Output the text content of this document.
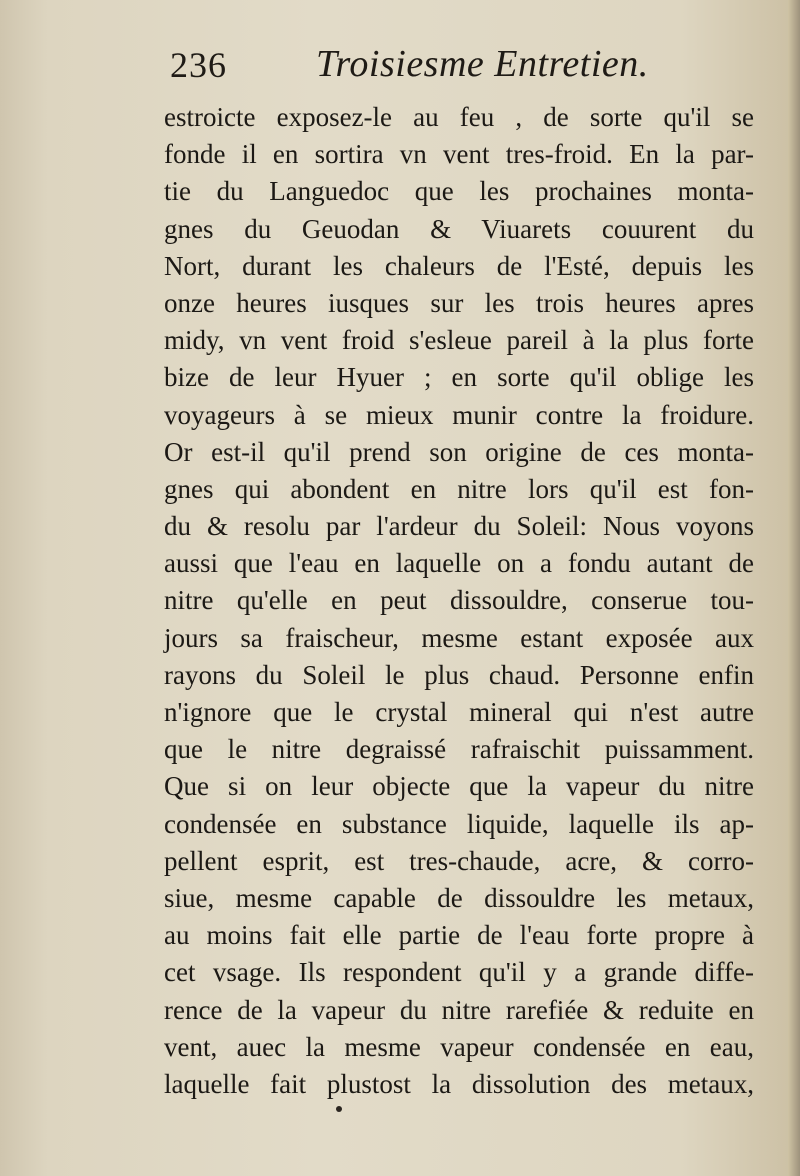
236 Troisiesme Entretien.
estroicte exposez-le au feu , de sorte qu'il se
fonde il en sortira vn vent tres-froid. En la par-
tie du Languedoc que les prochaines monta-
gnes du Geuodan & Viuarets couurent du
Nort, durant les chaleurs de l'Esté, depuis les
onze heures iusques sur les trois heures apres
midy, vn vent froid s'esleue pareil à la plus forte
bize de leur Hyuer ; en sorte qu'il oblige les
voyageurs à se mieux munir contre la froidure.
Or est-il qu'il prend son origine de ces monta-
gnes qui abondent en nitre lors qu'il est fon-
du & resolu par l'ardeur du Soleil: Nous voyons
aussi que l'eau en laquelle on a fondu autant de
nitre qu'elle en peut dissouldre, conserue tou-
jours sa fraischeur, mesme estant exposée aux
rayons du Soleil le plus chaud. Personne enfin
n'ignore que le crystal mineral qui n'est autre
que le nitre degraissé rafraischit puissamment.
Que si on leur objecte que la vapeur du nitre
condensée en substance liquide, laquelle ils ap-
pellent esprit, est tres-chaude, acre, & corro-
siue, mesme capable de dissouldre les metaux,
au moins fait elle partie de l'eau forte propre à
cet vsage. Ils respondent qu'il y a grande diffe-
rence de la vapeur du nitre rarefiée & reduite en
vent, auec la mesme vapeur condensée en eau,
laquelle fait plustost la dissolution des metaux,
